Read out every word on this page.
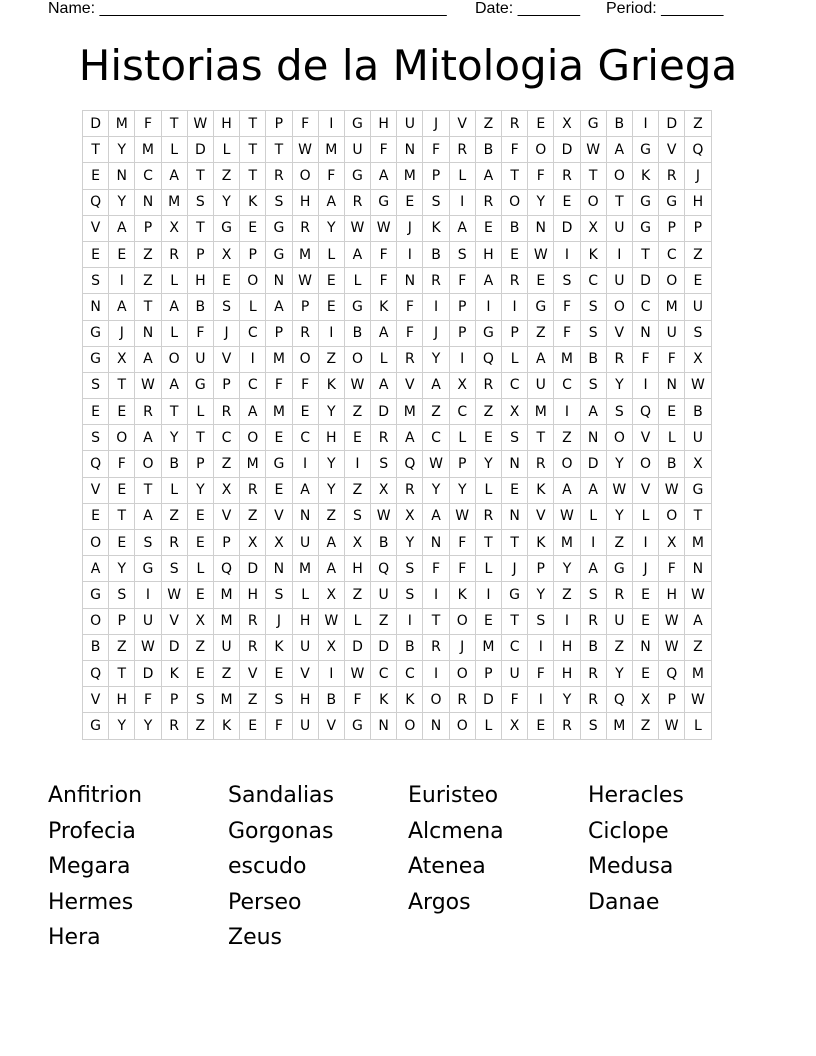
Name: _______________________________________ Date: _______ Period: _______
Historias de la Mitologia Griega
D	M	F	T	W	H	T	P	F	I	G	H	U	J	V	Z	R	E	X	G	B	I	D	Z
T	Y	M	L	D	L	T	T	W	M	U	F	N	F	R	B	F	O	D	W	A	G	V	Q
E	N	C	A	T	Z	T	R	O	F	G	A	M	P	L	A	T	F	R	T	O	K	R	J
Q	Y	N	M	S	Y	K	S	H	A	R	G	E	S	I	R	O	Y	E	O	T	G	G	H
V	A	P	X	T	G	E	G	R	Y	W	W	J	K	A	E	B	N	D	X	U	G	P	P
E	E	Z	R	P	X	P	G	M	L	A	F	I	B	S	H	E	W	I	K	I	T	C	Z
S	I	Z	L	H	E	O	N	W	E	L	F	N	R	F	A	R	E	S	C	U	D	O	E
N	A	T	A	B	S	L	A	P	E	G	K	F	I	P	I	I	G	F	S	O	C	M	U
G	J	N	L	F	J	C	P	R	I	B	A	F	J	P	G	P	Z	F	S	V	N	U	S
G	X	A	O	U	V	I	M	O	Z	O	L	R	Y	I	Q	L	A	M	B	R	F	F	X
S	T	W	A	G	P	C	F	F	K	W	A	V	A	X	R	C	U	C	S	Y	I	N	W
E	E	R	T	L	R	A	M	E	Y	Z	D	M	Z	C	Z	X	M	I	A	S	Q	E	B
S	O	A	Y	T	C	O	E	C	H	E	R	A	C	L	E	S	T	Z	N	O	V	L	U
Q	F	O	B	P	Z	M	G	I	Y	I	S	Q	W	P	Y	N	R	O	D	Y	O	B	X
V	E	T	L	Y	X	R	E	A	Y	Z	X	R	Y	Y	L	E	K	A	A	W	V	W	G
E	T	A	Z	E	V	Z	V	N	Z	S	W	X	A	W	R	N	V	W	L	Y	L	O	T
O	E	S	R	E	P	X	X	U	A	X	B	Y	N	F	T	T	K	M	I	Z	I	X	M
A	Y	G	S	L	Q	D	N	M	A	H	Q	S	F	F	L	J	P	Y	A	G	J	F	N
G	S	I	W	E	M	H	S	L	X	Z	U	S	I	K	I	G	Y	Z	S	R	E	H	W
O	P	U	V	X	M	R	J	H	W	L	Z	I	T	O	E	T	S	I	R	U	E	W	A
B	Z	W	D	Z	U	R	K	U	X	D	D	B	R	J	M	C	I	H	B	Z	N	W	Z
Q	T	D	K	E	Z	V	E	V	I	W	C	C	I	O	P	U	F	H	R	Y	E	Q	M
V	H	F	P	S	M	Z	S	H	B	F	K	K	O	R	D	F	I	Y	R	Q	X	P	W
G	Y	Y	R	Z	K	E	F	U	V	G	N	O	N	O	L	X	E	R	S	M	Z	W	L
Anfitrion	Sandalias	Euristeo	Heracles
Profecia	Gorgonas	Alcmena	Ciclope
Megara	escudo	Atenea	Medusa
Hermes	Perseo	Argos	Danae
Hera	Zeus
